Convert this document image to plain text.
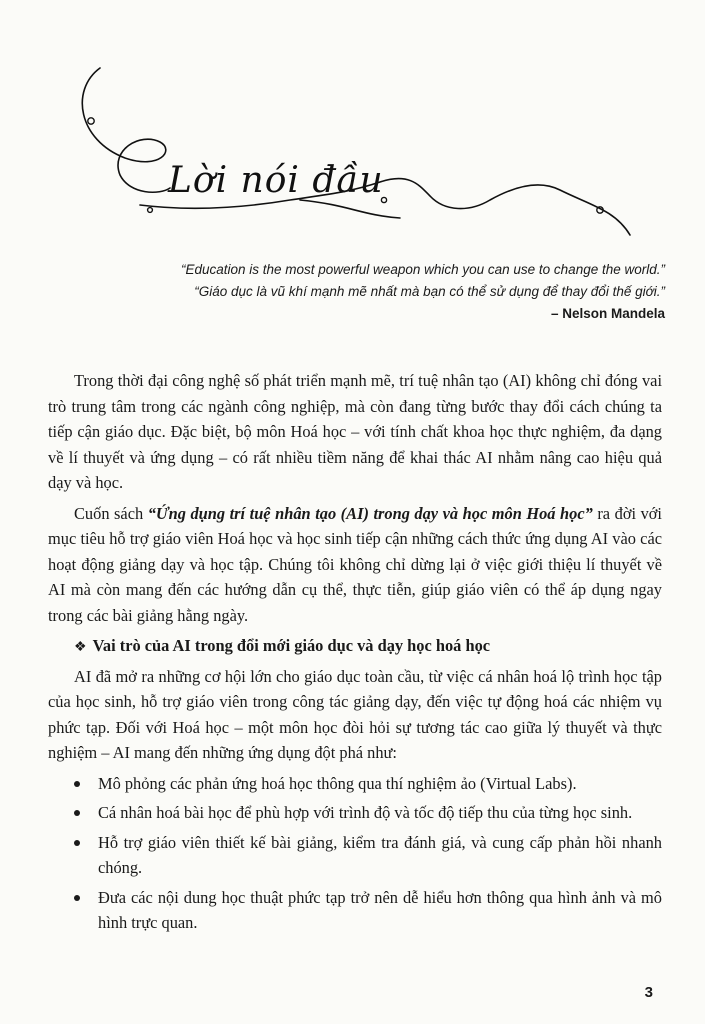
Lời nói đầu
“Education is the most powerful weapon which you can use to change the world.”
“Giáo dục là vũ khí mạnh mẽ nhất mà bạn có thể sử dụng để thay đổi thế giới.”
– Nelson Mandela

Trong thời đại công nghệ số phát triển mạnh mẽ, trí tuệ nhân tạo (AI) không chỉ đóng vai trò trung tâm trong các ngành công nghiệp, mà còn đang từng bước thay đổi cách chúng ta tiếp cận giáo dục. Đặc biệt, bộ môn Hoá học – với tính chất khoa học thực nghiệm, đa dạng về lí thuyết và ứng dụng – có rất nhiều tiềm năng để khai thác AI nhằm nâng cao hiệu quả dạy và học.

Cuốn sách “Ứng dụng trí tuệ nhân tạo (AI) trong dạy và học môn Hoá học” ra đời với mục tiêu hỗ trợ giáo viên Hoá học và học sinh tiếp cận những cách thức ứng dụng AI vào các hoạt động giảng dạy và học tập. Chúng tôi không chỉ dừng lại ở việc giới thiệu lí thuyết về AI mà còn mang đến các hướng dẫn cụ thể, thực tiễn, giúp giáo viên có thể áp dụng ngay trong các bài giảng hằng ngày.

❖ Vai trò của AI trong đổi mới giáo dục và dạy học hoá học

AI đã mở ra những cơ hội lớn cho giáo dục toàn cầu, từ việc cá nhân hoá lộ trình học tập của học sinh, hỗ trợ giáo viên trong công tác giảng dạy, đến việc tự động hoá các nhiệm vụ phức tạp. Đối với Hoá học – một môn học đòi hỏi sự tương tác cao giữa lý thuyết và thực nghiệm – AI mang đến những ứng dụng đột phá như:

Mô phỏng các phản ứng hoá học thông qua thí nghiệm ảo (Virtual Labs).
Cá nhân hoá bài học để phù hợp với trình độ và tốc độ tiếp thu của từng học sinh.
Hỗ trợ giáo viên thiết kế bài giảng, kiểm tra đánh giá, và cung cấp phản hồi nhanh chóng.
Đưa các nội dung học thuật phức tạp trở nên dễ hiểu hơn thông qua hình ảnh và mô hình trực quan.
3
